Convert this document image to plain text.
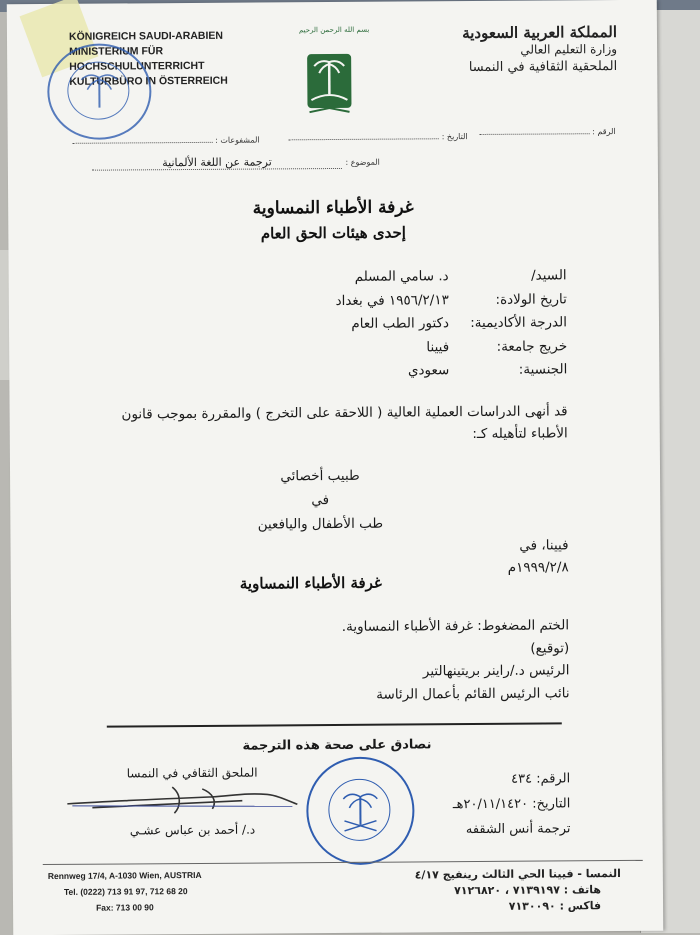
KÖNIGREICH SAUDI-ARABIEN
MINISTERIUM FÜR
HOCHSCHULUNTERRICHT
KULTURBÜRO IN ÖSTERREICH
بسم الله الرحمن الرحيم	المملكة العربية السعودية
وزارة التعليم العالي
الملحقية الثقافية في النمسا
الرقم :
التاريخ :
المشفوعات :
الموضوع : ترجمة عن اللغة الألمانية
غرفة الأطباء النمساوية
إحدى هيئات الحق العام
السيد/
د. سامي المسلم
تاريخ الولادة:
١٩٥٦/٢/١٣ في بغداد
الدرجة الأكاديمية:
دكتور الطب العام
خريج جامعة:
فيينا
الجنسية:
سعودي
قد أنهى الدراسات العملية العالية ( اللاحقة على التخرج ) والمقررة بموجب قانون
الأطباء لتأهيله كـ:
طبيب أخصائي
في
طب الأطفال واليافعين
فيينا، في
١٩٩٩/٢/٨م
غرفة الأطباء النمساوية
الختم المضغوط: غرفة الأطباء النمساوية.
(توقيع)
الرئيس د./راينر بريتينهالتير
نائب الرئيس القائم بأعمال الرئاسة
نصادق على صحة هذه الترجمة
الملحق الثقافي في النمسا
د./ أحمد بن عباس عشـي
الرقم: ٤٣٤
التاريخ: ٢٠/١١/١٤٢٠هـ
ترجمة أنس الشقفه
Rennweg 17/4, A-1030 Wien, AUSTRIA
Tel. (0222) 713 91 97, 712 68 20
Fax: 713 00 90
النمسا - فيينا الحي الثالث رينفيج ٤/١٧
هاتف : ٧١٣٩١٩٧ ، ٧١٢٦٨٢٠
فاكس : ٧١٣٠٠٩٠
